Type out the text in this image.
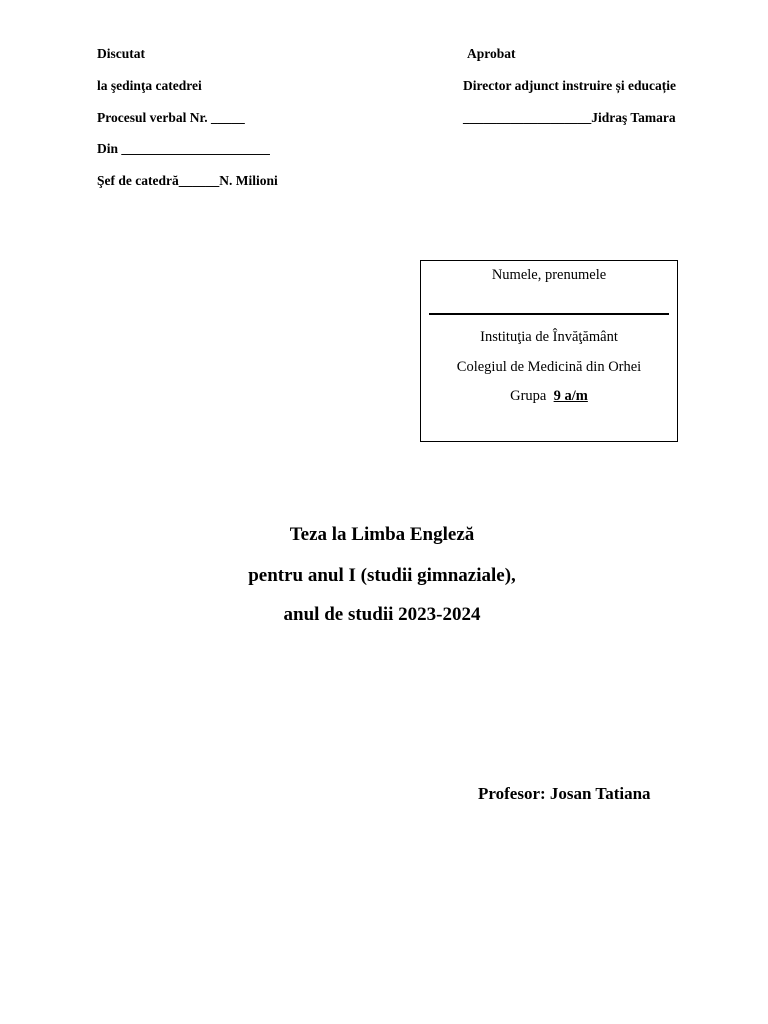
Discutat
la şedinţa catedrei
Procesul verbal Nr. _____
Din ______________________
Şef de catedră______N. Milioni
Aprobat
Director adjunct instruire și educație
___________________Jidraş Tamara
Numele, prenumele
Instituţia de Învăţământ
Colegiul de Medicină din Orhei
Grupa 9 a/m
Teza la Limba Engleză
pentru anul I (studii gimnaziale),
anul de studii 2023-2024
Profesor: Josan Tatiana
